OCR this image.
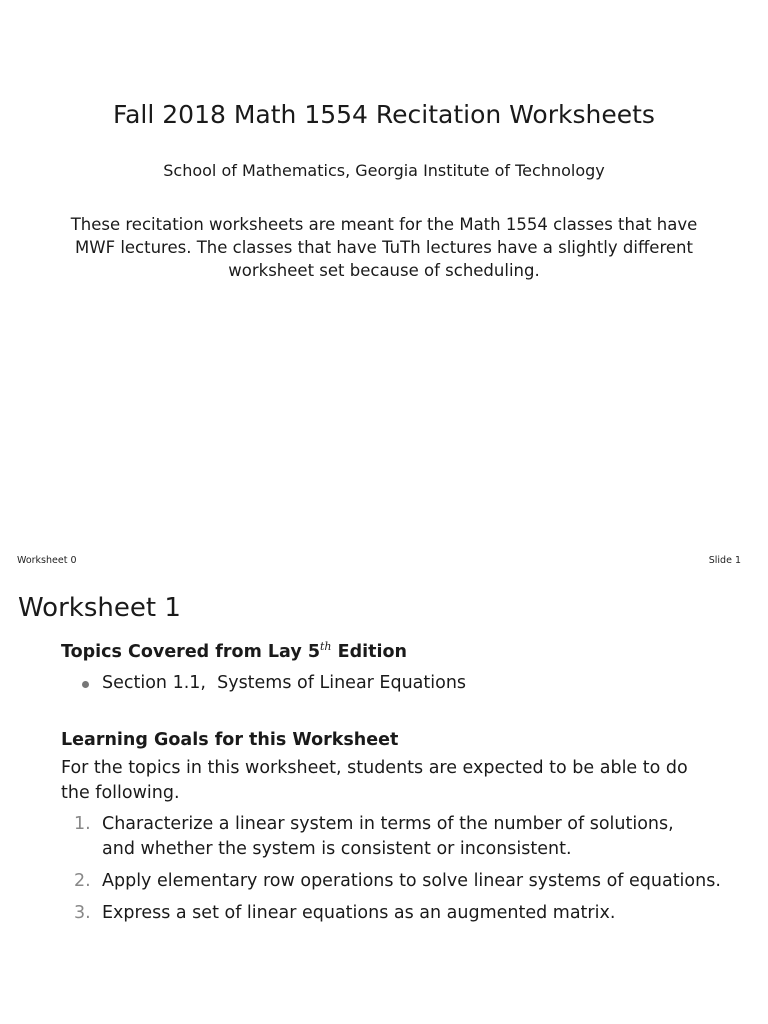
Fall 2018 Math 1554 Recitation Worksheets

School of Mathematics, Georgia Institute of Technology

These recitation worksheets are meant for the Math 1554 classes that have
MWF lectures. The classes that have TuTh lectures have a slightly different
worksheet set because of scheduling.

Worksheet 0	Slide 1
Worksheet 1
Topics Covered from Lay 5th Edition
Section 1.1,  Systems of Linear Equations
Learning Goals for this Worksheet

For the topics in this worksheet, students are expected to be able to do
the following.

1. Characterize a linear system in terms of the number of solutions,
and whether the system is consistent or inconsistent.
2. Apply elementary row operations to solve linear systems of equations.
3. Express a set of linear equations as an augmented matrix.
